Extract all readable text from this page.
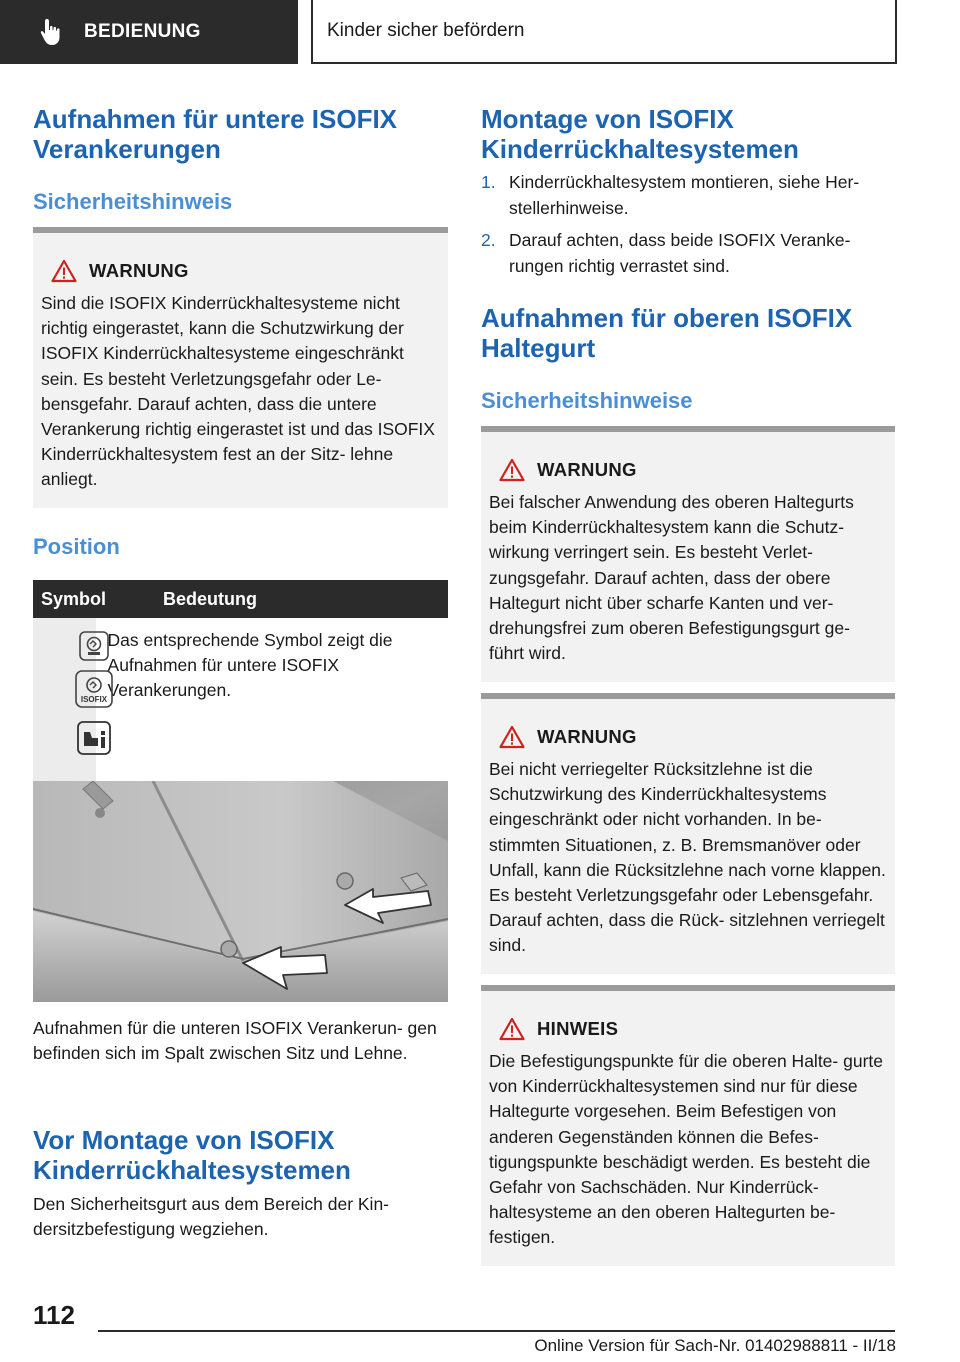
BEDIENUNG	Kinder sicher befördern
Aufnahmen für untere ISOFIX Verankerungen
Sicherheitshinweis
WARNUNG
Sind die ISOFIX Kinderrückhaltesysteme nicht richtig eingerastet, kann die Schutzwirkung der ISOFIX Kinderrückhaltesysteme eingeschränkt sein. Es besteht Verletzungsgefahr oder Le- bensgefahr. Darauf achten, dass die untere Verankerung richtig eingerastet ist und das ISOFIX Kinderrückhaltesystem fest an der Sitz- lehne anliegt.
Position
Symbol	Bedeutung
ISOFIX
Das entsprechende Symbol zeigt die Aufnahmen für untere ISOFIX Verankerungen.

Aufnahmen für die unteren ISOFIX Verankerun- gen befinden sich im Spalt zwischen Sitz und Lehne.

Vor Montage von ISOFIX Kinderrückhaltesystemen

Den Sicherheitsgurt aus dem Bereich der Kin- dersitzbefestigung wegziehen.

Montage von ISOFIX Kinderrückhaltesystemen
1. Kinderrückhaltesystem montieren, siehe Her- stellerhinweise.
2. Darauf achten, dass beide ISOFIX Veranke- rungen richtig verrastet sind.
Aufnahmen für oberen ISOFIX Haltegurt
Sicherheitshinweise
WARNUNG
Bei falscher Anwendung des oberen Haltegurts beim Kinderrückhaltesystem kann die Schutz- wirkung verringert sein. Es besteht Verlet- zungsgefahr. Darauf achten, dass der obere Haltegurt nicht über scharfe Kanten und ver- drehungsfrei zum oberen Befestigungsgurt ge- führt wird.
WARNUNG
Bei nicht verriegelter Rücksitzlehne ist die Schutzwirkung des Kinderrückhaltesystems eingeschränkt oder nicht vorhanden. In be- stimmten Situationen, z. B. Bremsmanöver oder Unfall, kann die Rücksitzlehne nach vorne klappen. Es besteht Verletzungsgefahr oder Lebensgefahr. Darauf achten, dass die Rück- sitzlehnen verriegelt sind.
HINWEIS
Die Befestigungspunkte für die oberen Halte- gurte von Kinderrückhaltesystemen sind nur für diese Haltegurte vorgesehen. Beim Befestigen von anderen Gegenständen können die Befes- tigungspunkte beschädigt werden. Es besteht die Gefahr von Sachschäden. Nur Kinderrück- haltesysteme an den oberen Haltegurten be- festigen.
112
Online Version für Sach-Nr. 01402988811 - II/18
